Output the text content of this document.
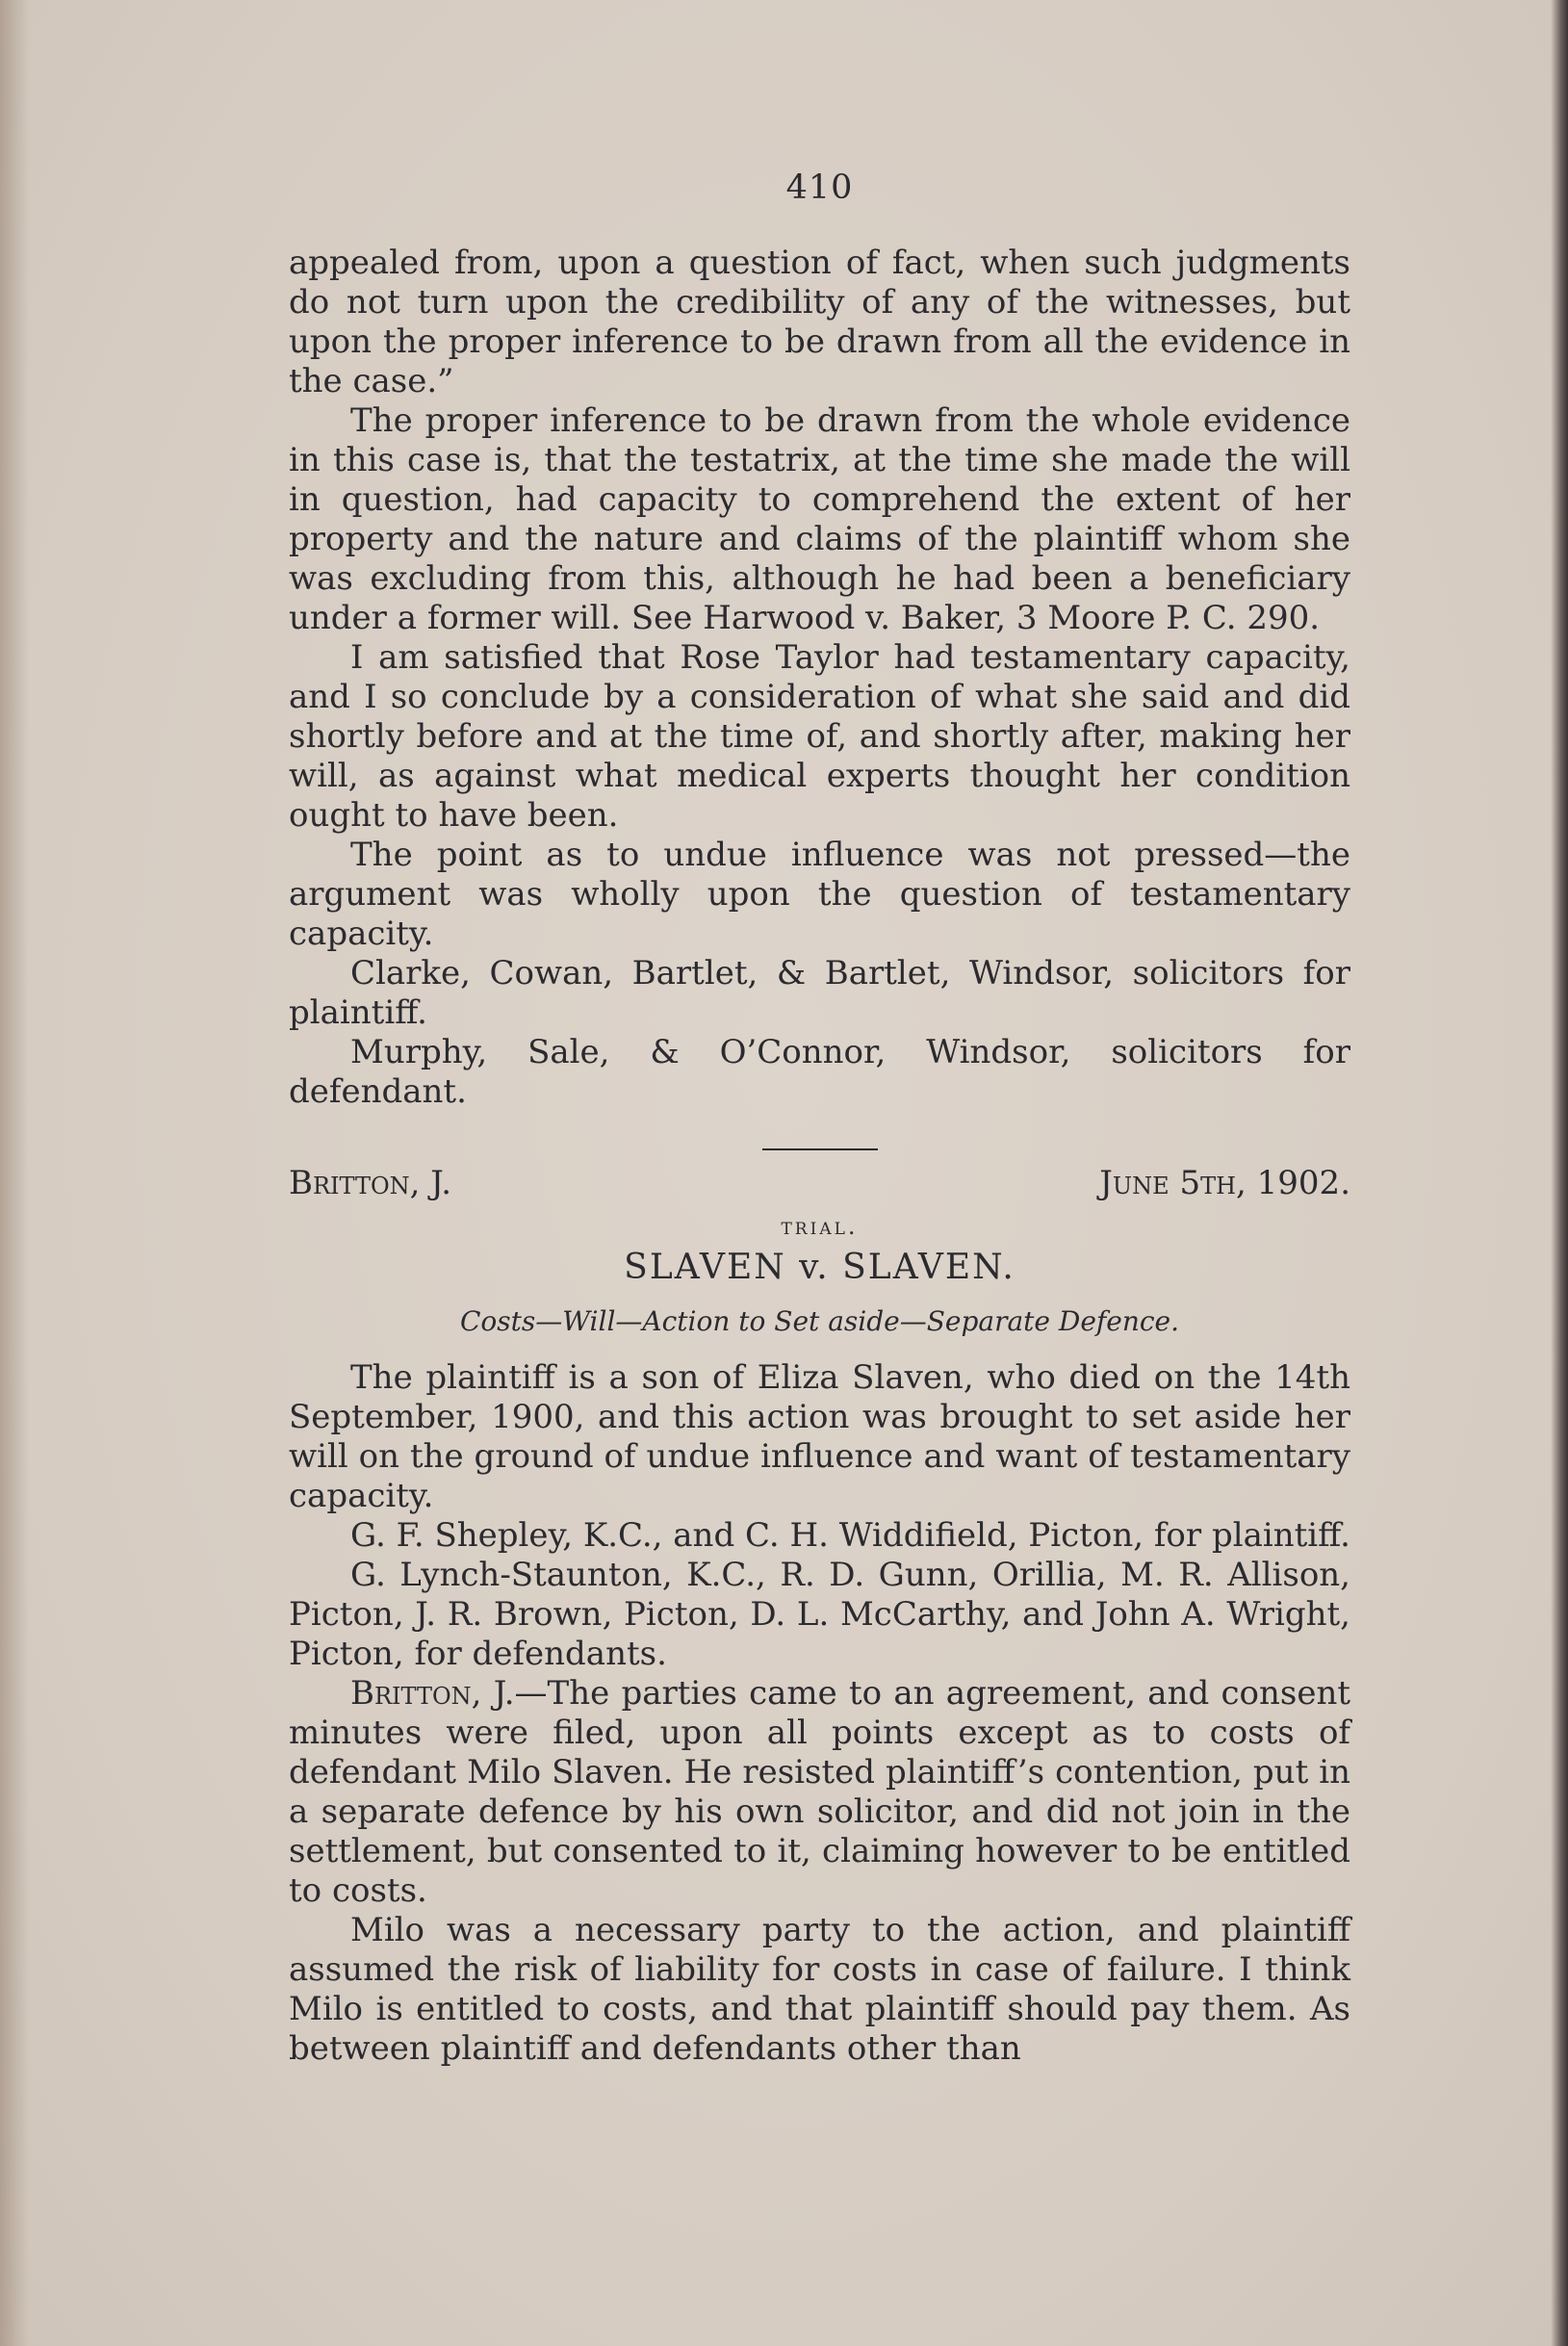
410

appealed from, upon a question of fact, when such judgments do not turn upon the credibility of any of the witnesses, but upon the proper inference to be drawn from all the evidence in the case.”

The proper inference to be drawn from the whole evidence in this case is, that the testatrix, at the time she made the will in question, had capacity to comprehend the extent of her property and the nature and claims of the plaintiff whom she was excluding from this, although he had been a beneficiary under a former will. See Harwood v. Baker, 3 Moore P. C. 290.

I am satisfied that Rose Taylor had testamentary capacity, and I so conclude by a consideration of what she said and did shortly before and at the time of, and shortly after, making her will, as against what medical experts thought her condition ought to have been.

The point as to undue influence was not pressed—the argument was wholly upon the question of testamentary capacity.

Clarke, Cowan, Bartlet, & Bartlet, Windsor, solicitors for plaintiff.

Murphy, Sale, & O’Connor, Windsor, solicitors for defendant.

Britton, J.	June 5th, 1902.
trial.
SLAVEN v. SLAVEN.
Costs—Will—Action to Set aside—Separate Defence.

The plaintiff is a son of Eliza Slaven, who died on the 14th September, 1900, and this action was brought to set aside her will on the ground of undue influence and want of testamentary capacity.

G. F. Shepley, K.C., and C. H. Widdifield, Picton, for plaintiff.

G. Lynch-Staunton, K.C., R. D. Gunn, Orillia, M. R. Allison, Picton, J. R. Brown, Picton, D. L. McCarthy, and John A. Wright, Picton, for defendants.

Britton, J.—The parties came to an agreement, and consent minutes were filed, upon all points except as to costs of defendant Milo Slaven. He resisted plaintiff’s contention, put in a separate defence by his own solicitor, and did not join in the settlement, but consented to it, claiming however to be entitled to costs.

Milo was a necessary party to the action, and plaintiff assumed the risk of liability for costs in case of failure. I think Milo is entitled to costs, and that plaintiff should pay them. As between plaintiff and defendants other than
